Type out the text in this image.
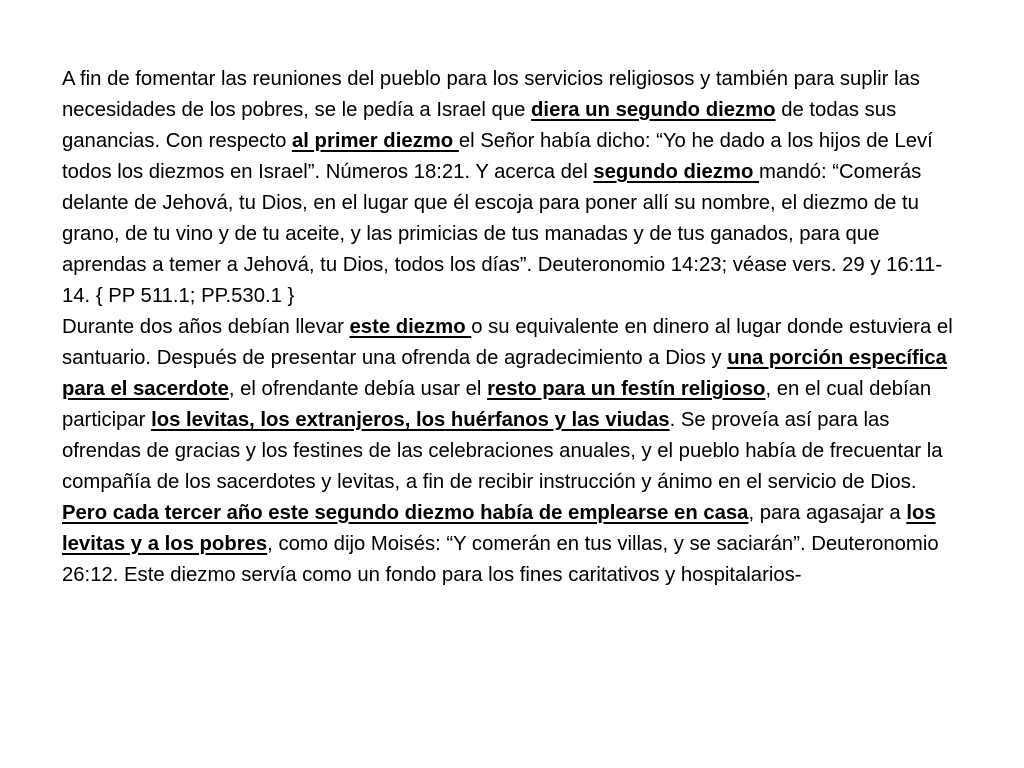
A fin de fomentar las reuniones del pueblo para los servicios religiosos y también para suplir las necesidades de los pobres, se le pedía a Israel que diera un segundo diezmo de todas sus ganancias. Con respecto al primer diezmo el Señor había dicho: “Yo he dado a los hijos de Leví todos los diezmos en Israel”. Números 18:21. Y acerca del segundo diezmo mandó: “Comerás delante de Jehová, tu Dios, en el lugar que él escoja para poner allí su nombre, el diezmo de tu grano, de tu vino y de tu aceite, y las primicias de tus manadas y de tus ganados, para que aprendas a temer a Jehová, tu Dios, todos los días”. Deuteronomio 14:23; véase vers. 29 y 16:11-14. { PP 511.1; PP.530.1 }

Durante dos años debían llevar este diezmo o su equivalente en dinero al lugar donde estuviera el santuario. Después de presentar una ofrenda de agradecimiento a Dios y una porción específica para el sacerdote, el ofrendante debía usar el resto para un festín religioso, en el cual debían participar los levitas, los extranjeros, los huérfanos y las viudas. Se proveía así para las ofrendas de gracias y los festines de las celebraciones anuales, y el pueblo había de frecuentar la compañía de los sacerdotes y levitas, a fin de recibir instrucción y ánimo en el servicio de Dios. Pero cada tercer año este segundo diezmo había de emplearse en casa, para agasajar a los levitas y a los pobres, como dijo Moisés: “Y comerán en tus villas, y se saciarán”. Deuteronomio 26:12. Este diezmo servía como un fondo para los fines caritativos y hospitalarios-
